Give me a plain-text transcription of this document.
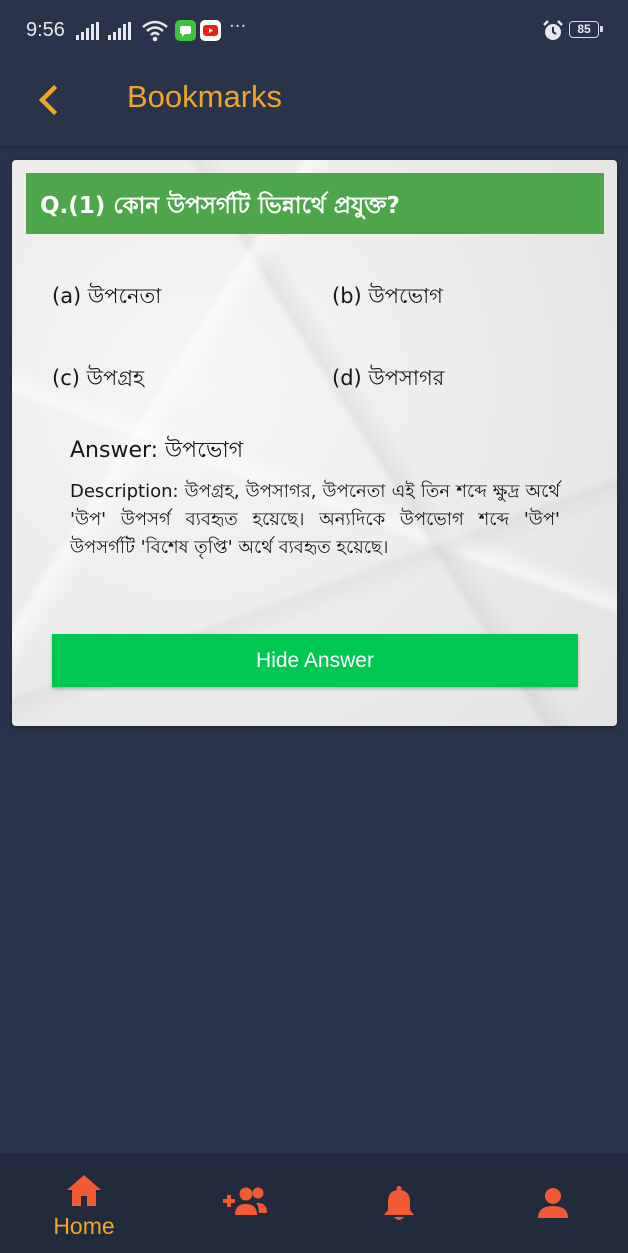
9:56	···	85
Bookmarks
Q.(1) কোন উপসর্গটি ভিন্নার্থে প্রযুক্ত?
(a) উপনেতা	(b) উপভোগ
(c) উপগ্রহ	(d) উপসাগর
Answer: উপভোগ
Description: উপগ্রহ, উপসাগর, উপনেতা এই তিন শব্দে ক্ষুদ্র অর্থে 'উপ' উপসর্গ ব্যবহৃত হয়েছে। অন্যদিকে উপভোগ শব্দে 'উপ' উপসর্গটি 'বিশেষ তৃপ্তি' অর্থে ব্যবহৃত হয়েছে।
Hide Answer
Home
